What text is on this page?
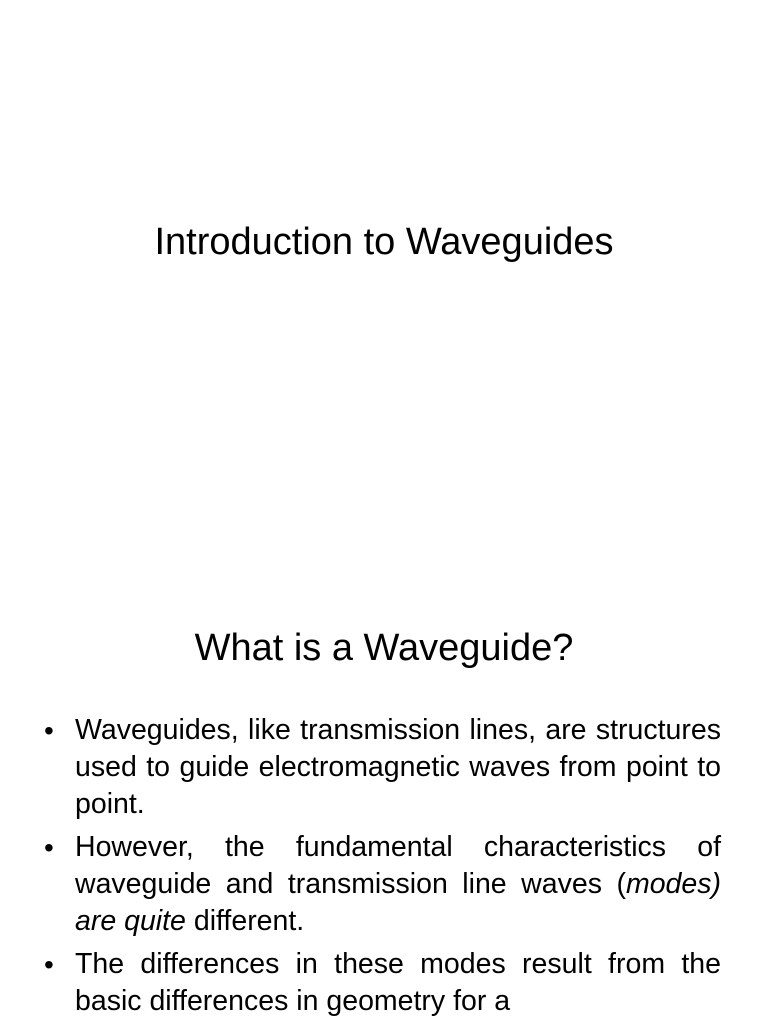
Introduction to Waveguides
What is a Waveguide?
• Waveguides, like transmission lines, are structures used to guide electromagnetic waves from point to point.
• However, the fundamental characteristics of waveguide and transmission line waves (modes) are quite different.
• The differences in these modes result from the basic differences in geometry for a
